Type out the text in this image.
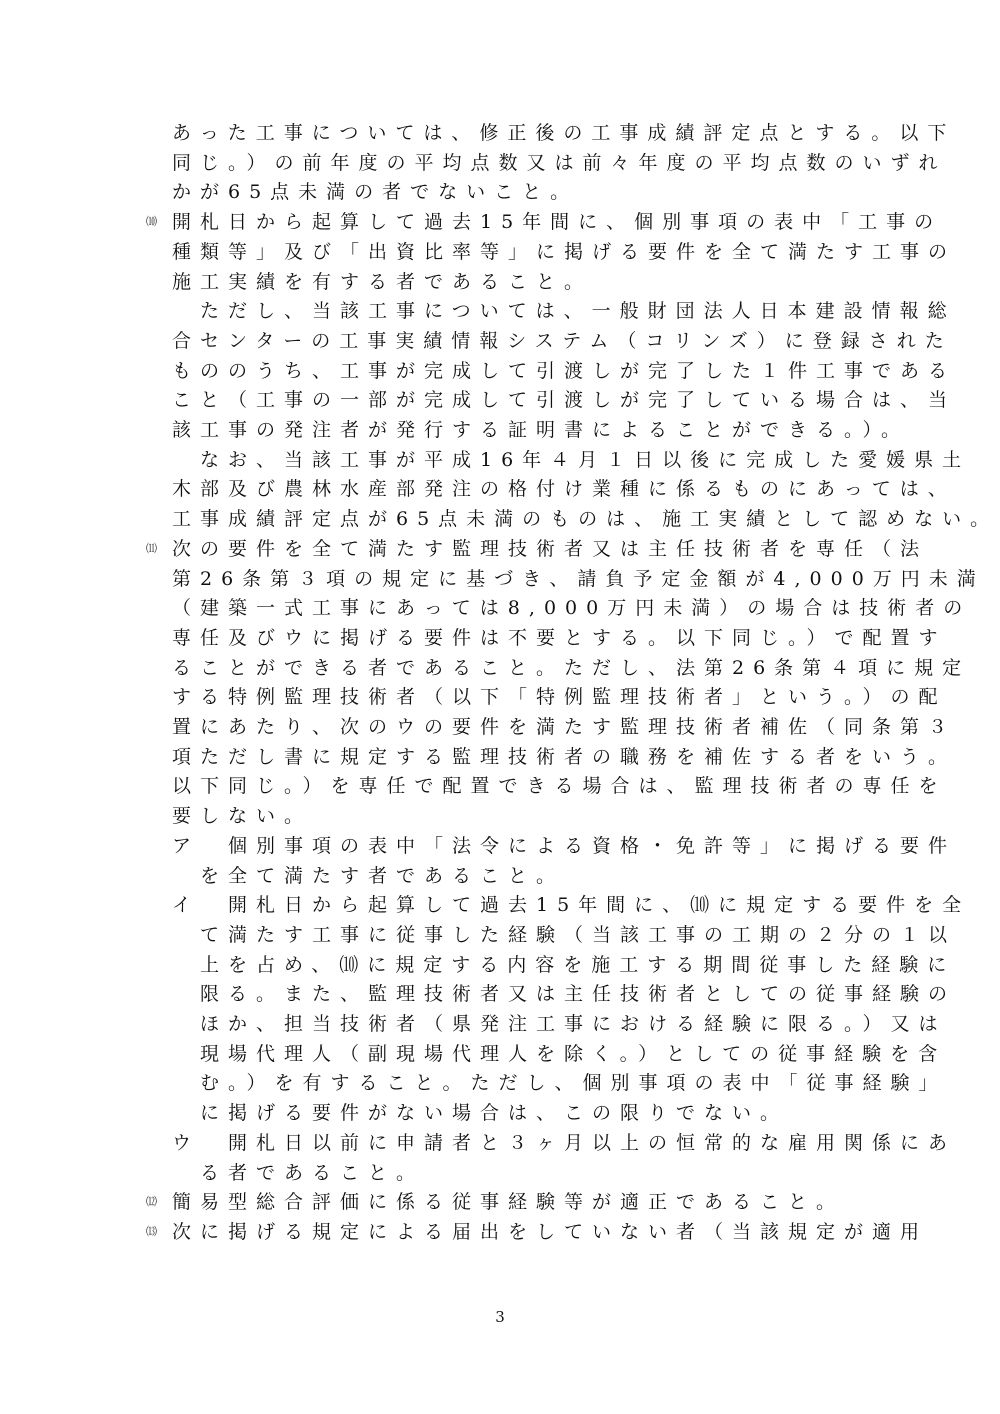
あった工事については、修正後の工事成績評定点とする。以下
同じ。）の前年度の平均点数又は前々年度の平均点数のいずれ
かが65点未満の者でないこと。
⑽ 開札日から起算して過去15年間に、個別事項の表中「工事の
種類等」及び「出資比率等」に掲げる要件を全て満たす工事の
施工実績を有する者であること。
　ただし、当該工事については、一般財団法人日本建設情報総
合センターの工事実績情報システム（コリンズ）に登録された
もののうち、工事が完成して引渡しが完了した１件工事である
こと（工事の一部が完成して引渡しが完了している場合は、当
該工事の発注者が発行する証明書によることができる。）。
　なお、当該工事が平成16年４月１日以後に完成した愛媛県土
木部及び農林水産部発注の格付け業種に係るものにあっては、
工事成績評定点が65点未満のものは、施工実績として認めない。
⑾ 次の要件を全て満たす監理技術者又は主任技術者を専任（法
第26条第３項の規定に基づき、請負予定金額が4,000万円未満
（建築一式工事にあっては8,000万円未満）の場合は技術者の
専任及びウに掲げる要件は不要とする。以下同じ。）で配置す
ることができる者であること。ただし、法第26条第４項に規定
する特例監理技術者（以下「特例監理技術者」という。）の配
置にあたり、次のウの要件を満たす監理技術者補佐（同条第３
項ただし書に規定する監理技術者の職務を補佐する者をいう。
以下同じ。）を専任で配置できる場合は、監理技術者の専任を
要しない。
ア　個別事項の表中「法令による資格・免許等」に掲げる要件
　を全て満たす者であること。
イ　開札日から起算して過去15年間に、⑽に規定する要件を全
　て満たす工事に従事した経験（当該工事の工期の２分の１以
　上を占め、⑽に規定する内容を施工する期間従事した経験に
　限る。また、監理技術者又は主任技術者としての従事経験の
　ほか、担当技術者（県発注工事における経験に限る。）又は
　現場代理人（副現場代理人を除く。）としての従事経験を含
　む。）を有すること。ただし、個別事項の表中「従事経験」
　に掲げる要件がない場合は、この限りでない。
ウ　開札日以前に申請者と３ヶ月以上の恒常的な雇用関係にあ
　る者であること。
⑿ 簡易型総合評価に係る従事経験等が適正であること。
⒀ 次に掲げる規定による届出をしていない者（当該規定が適用
3
